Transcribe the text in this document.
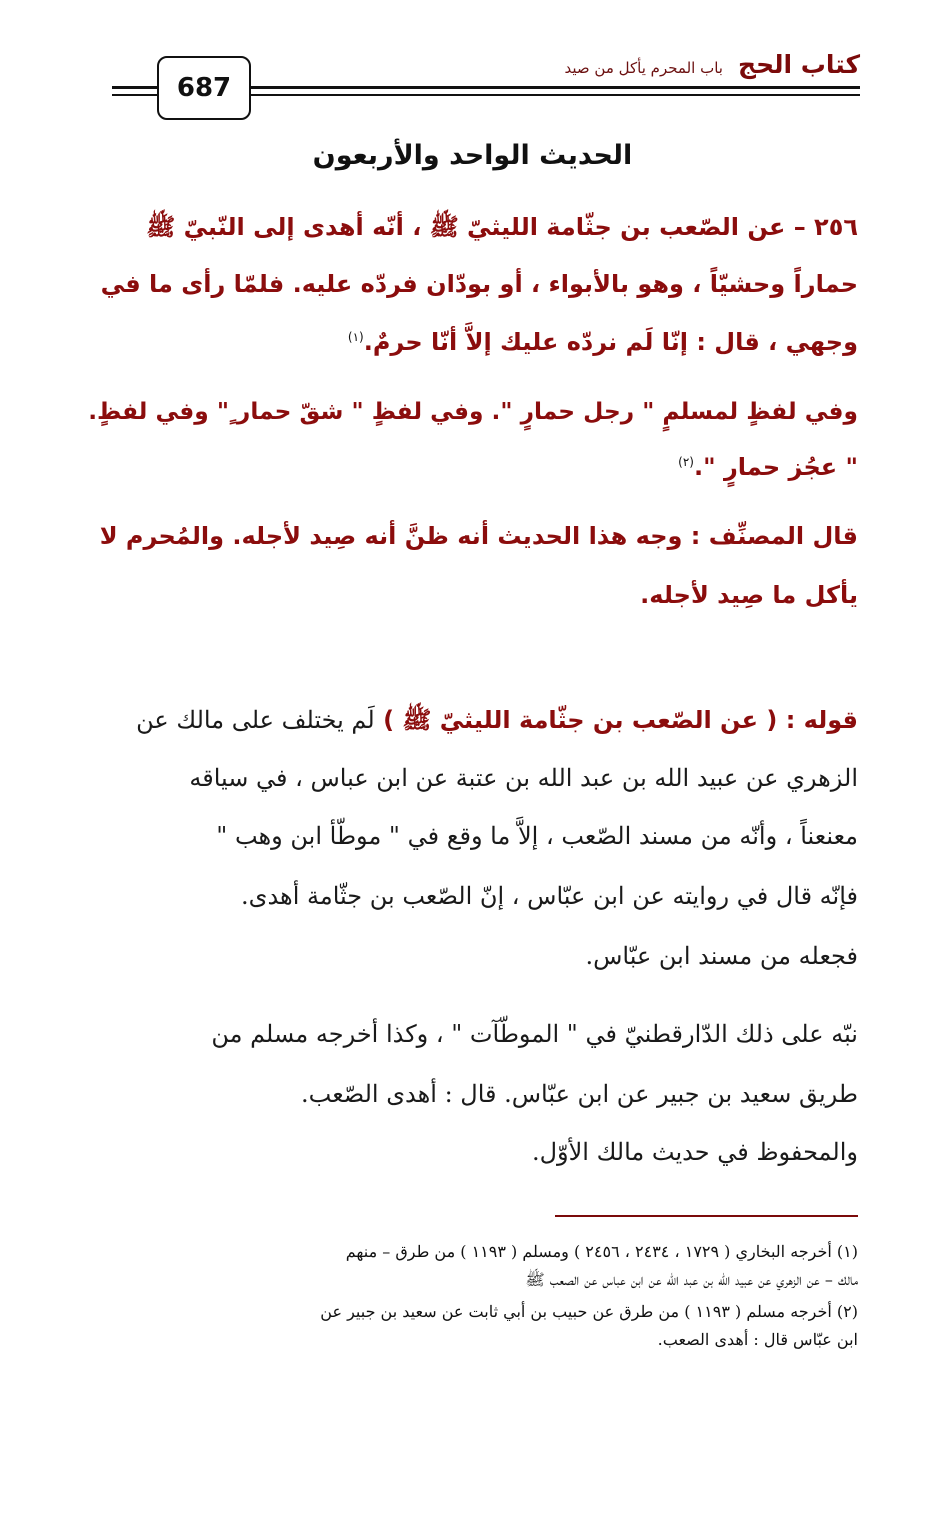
687
كتاب الحج باب المحرم يأكل من صيد
الحديث الواحد والأربعون
٢٥٦ – عن الصّعب بن جثّامة الليثيّ ﷺ ، أنّه أهدى إلى النّبيّ ﷺ
حماراً وحشيّاً ، وهو بالأبواء ، أو بودّان فردّه عليه. فلمّا رأى ما في
وجهي ، قال : إنّا لَم نردّه عليك إلاَّ أنّا حرمٌ.$^{(١)}$
وفي لفظٍ لمسلمٍ " رجل حمارٍ ". وفي لفظٍ " شقّ حمار ٍ" وفي لفظٍ.
" عجُز حمارٍ ".$^{(٢)}$
قال المصنِّف : وجه هذا الحديث أنه ظنَّ أنه صِيد لأجله. والمُحرم لا
يأكل ما صِيد لأجله.
قوله : ( عن الصّعب بن جثّامة الليثيّ ﷺ ) لَم يختلف على مالك عن
الزهري عن عبيد الله بن عبد الله بن عتبة عن ابن عباس ، في سياقه
معنعناً ، وأنّه من مسند الصّعب ، إلاَّ ما وقع في " موطّأ ابن وهب "
فإنّه قال في روايته عن ابن عبّاس ، إنّ الصّعب بن جثّامة أهدى.
فجعله من مسند ابن عبّاس.
نبّه على ذلك الدّارقطنيّ في " الموطّآت " ، وكذا أخرجه مسلم من
طريق سعيد بن جبير عن ابن عبّاس. قال : أهدى الصّعب.
والمحفوظ في حديث مالك الأوّل.
(١) أخرجه البخاري ( ١٧٢٩ ، ٢٤٣٤ ، ٢٤٥٦ ) ومسلم ( ١١٩٣ ) من طرق – منهم
مالك – عن الزهري عن عبيد الله بن عبد الله عن ابن عباس عن الصعب ﷺ
(٢) أخرجه مسلم ( ١١٩٣ ) من طرق عن حبيب بن أبي ثابت عن سعيد بن جبير عن
ابن عبّاس قال : أهدى الصعب.
